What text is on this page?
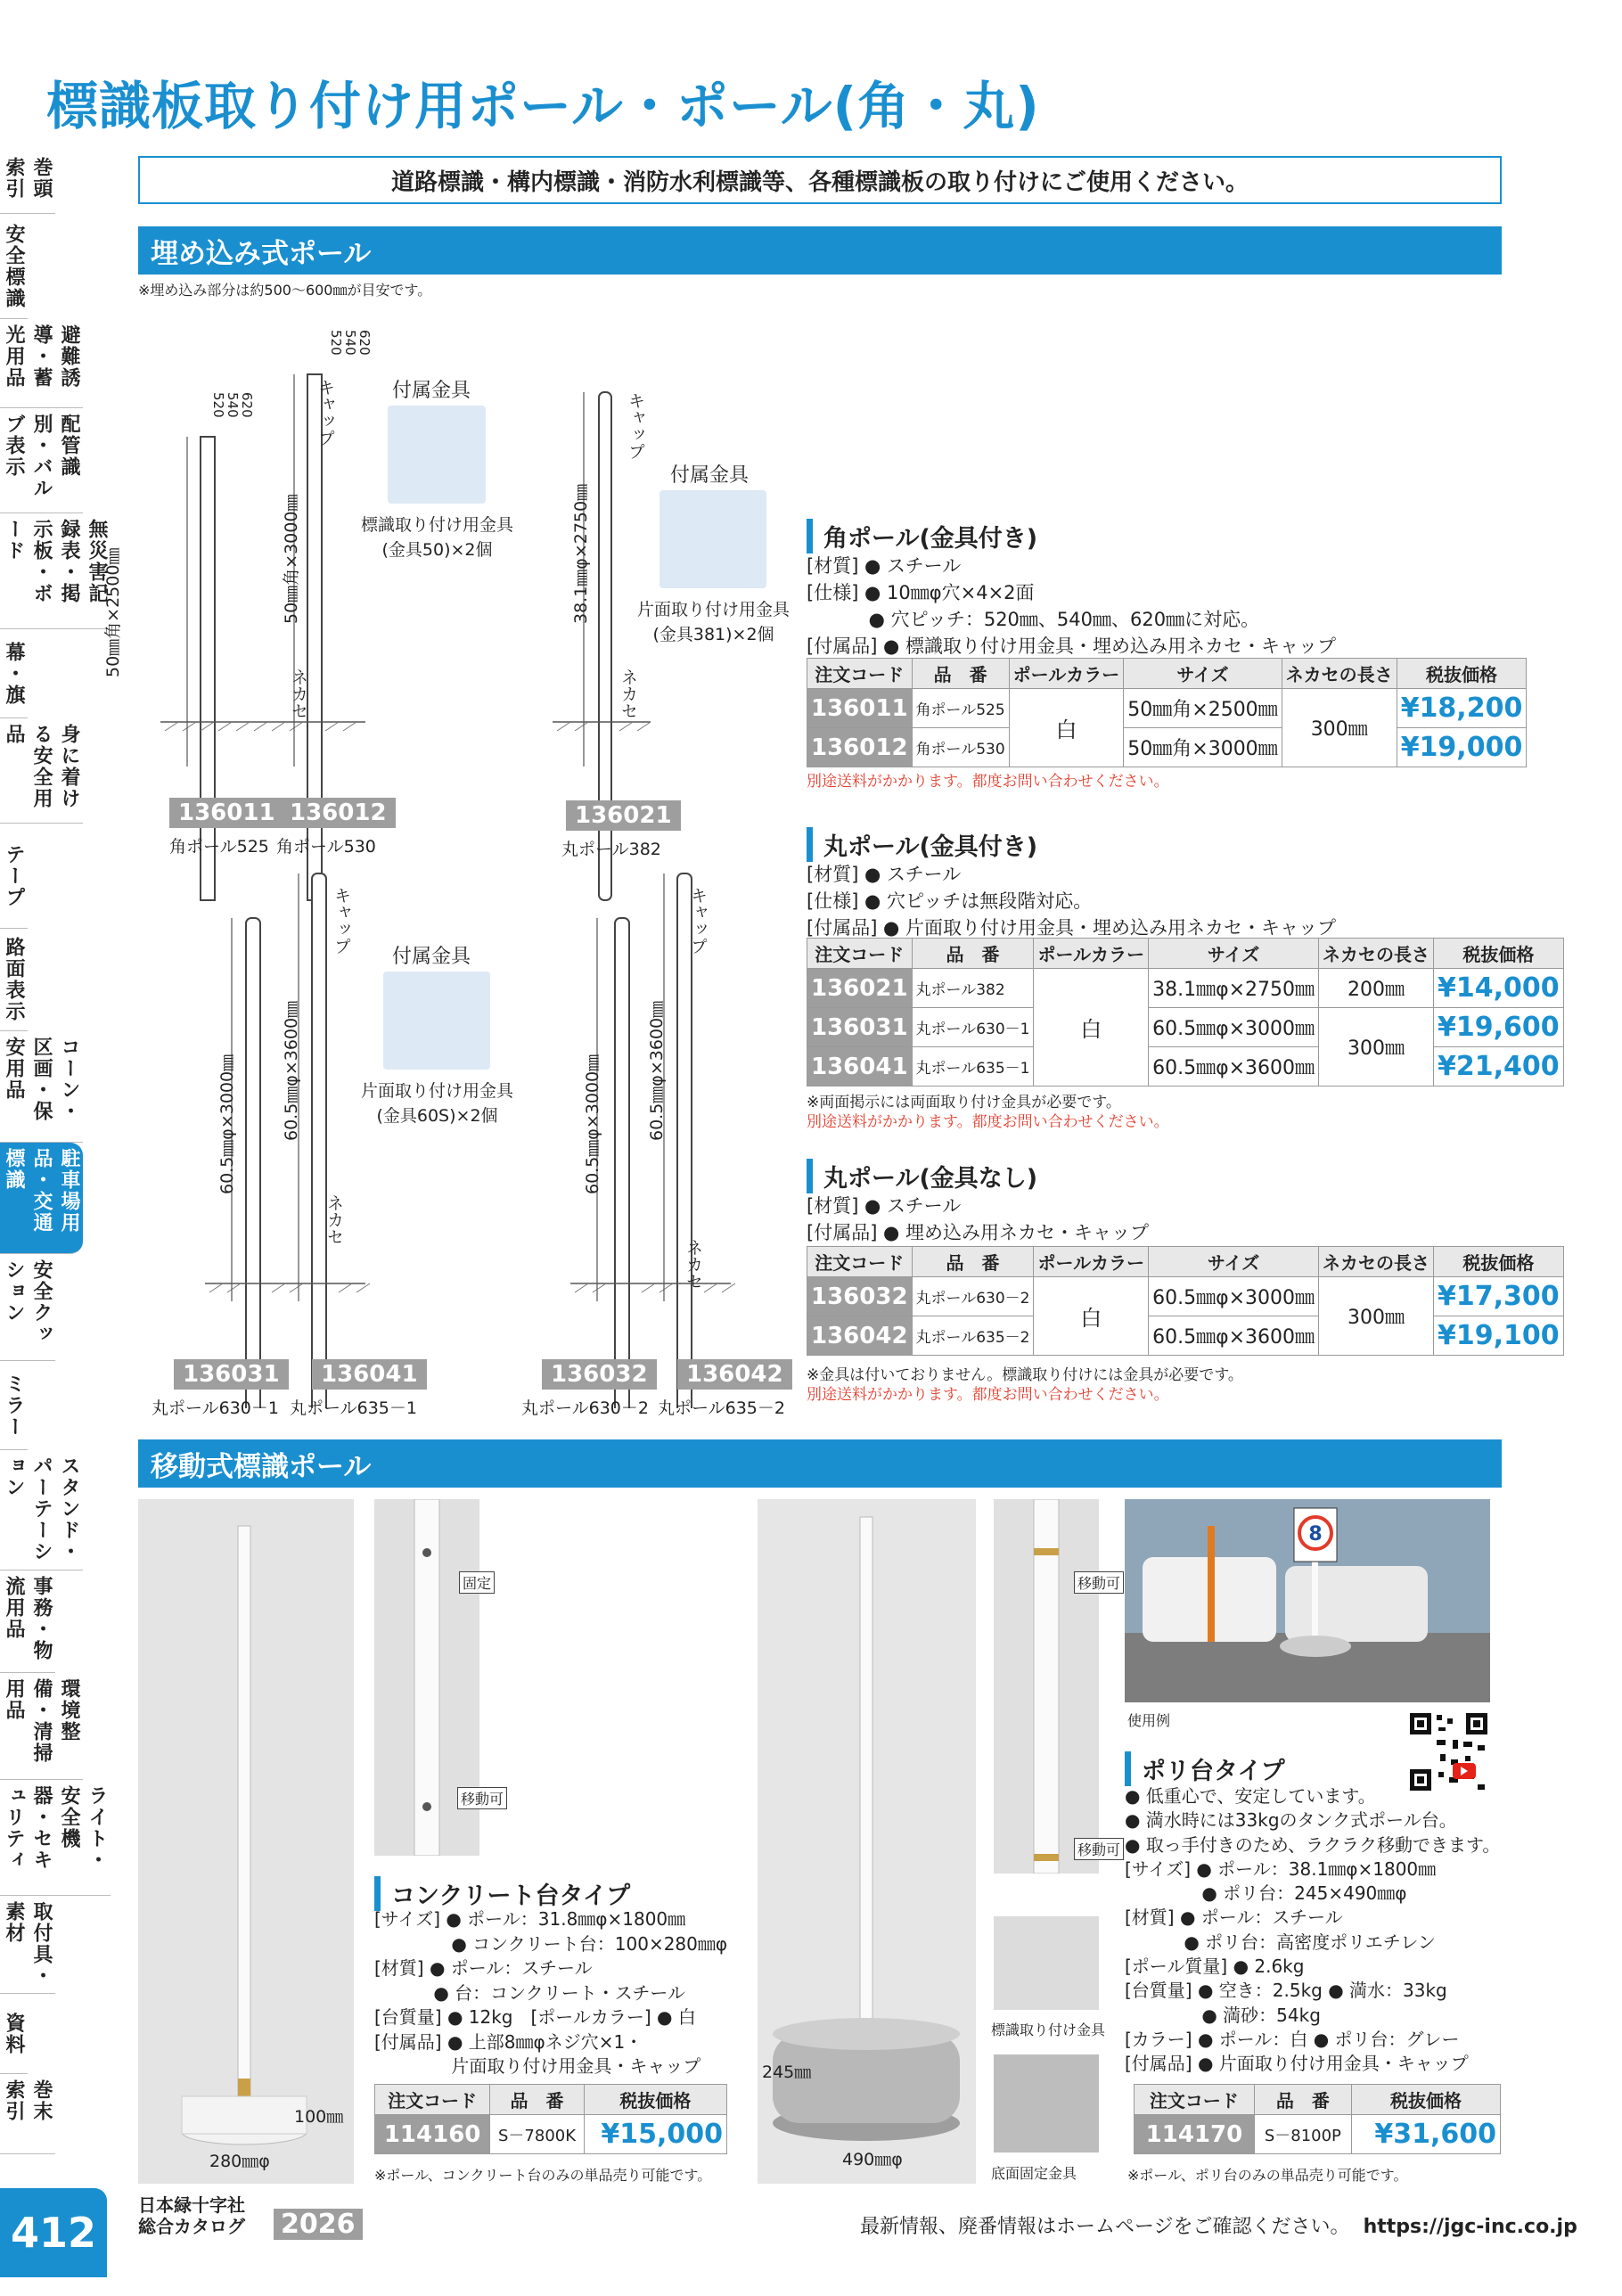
標識板取り付け用ポール・ポール(角・丸)
道路標識・構内標識・消防水利標識等、各種標識板の取り付けにご使用ください。
巻頭 索引
安全標識
避難誘導・蓄光用品
配管識別・バルブ表示
無災害記録表・掲示板・ボード
幕・旗
身に着ける安全用品
テープ
路面表示
コーン・区画・保安用品
駐車場用品・交通標識
安全クッション
ミラー
スタンド・パーテーション
事務・物流用品
環境整備・清掃用品
ライト・安全機器・セキュリティ
取付具・素材
資料
巻末 索引
埋め込み式ポール
※埋め込み部分は約500～600㎜が目安です。
50㎜角×2500㎜	50㎜角×3000㎜	38.1㎜φ×2750㎜
60.5㎜φ×3000㎜	60.5㎜φ×3600㎜	60.5㎜φ×3000㎜	60.5㎜φ×3600㎜
キャップ
ネカセ
キャップ
ネカセ
キャップ
ネカセ
キャップ
ネカセ
520
540
620
520
540
620
付属金具
標識取り付け用金具
(金具50)×2個
付属金具
片面取り付け用金具
(金具381)×2個
付属金具
片面取り付け用金具
(金具60S)×2個
136011 136012
角ポール525 角ポール530
136021
丸ポール382
136031	136041
丸ポール630－1 丸ポール635－1
136032	136042
丸ポール630－2 丸ポール635－2
角ポール(金具付き)
[材質] ● スチール
[仕様] ● 10㎜φ穴×4×2面
　　　 ● 穴ピッチ：520㎜、540㎜、620㎜に対応。
[付属品] ● 標識取り付け用金具・埋め込み用ネカセ・キャップ
注文コード	品　番	ポールカラー	サイズ	ネカセの長さ	税抜価格
136011	角ポール525	白	50㎜角×2500㎜	300㎜	¥18,200
136012	角ポール530		50㎜角×3000㎜		¥19,000
別途送料がかかります。都度お問い合わせください。
丸ポール(金具付き)
[材質] ● スチール
[仕様] ● 穴ピッチは無段階対応。
[付属品] ● 片面取り付け用金具・埋め込み用ネカセ・キャップ
注文コード	品　番	ポールカラー	サイズ	ネカセの長さ	税抜価格
136021	丸ポール382	白	38.1㎜φ×2750㎜	200㎜	¥14,000
136031	丸ポール630－1		60.5㎜φ×3000㎜	300㎜	¥19,600
136041	丸ポール635－1		60.5㎜φ×3600㎜		¥21,400
※両面掲示には両面取り付け金具が必要です。
別途送料がかかります。都度お問い合わせください。
丸ポール(金具なし)
[材質] ● スチール
[付属品] ● 埋め込み用ネカセ・キャップ
注文コード	品　番	ポールカラー	サイズ	ネカセの長さ	税抜価格
136032	丸ポール630－2	白	60.5㎜φ×3000㎜	300㎜	¥17,300
136042	丸ポール635－2		60.5㎜φ×3600㎜		¥19,100
※金具は付いておりません。標識取り付けには金具が必要です。
別途送料がかかります。都度お問い合わせください。
移動式標識ポール
100㎜
280㎜φ
固定
移動可
コンクリート台タイプ
[サイズ] ● ポール：31.8㎜φ×1800㎜
　　　　 ● コンクリート台：100×280㎜φ
[材質] ● ポール：スチール
　　　 ● 台：コンクリート・スチール
[台質量] ● 12kg　[ポールカラー] ● 白
[付属品] ● 上部8㎜φネジ穴×1・
　　　　 片面取り付け用金具・キャップ
注文コード	品　番	税抜価格
114160	S－7800K	¥15,000
※ポール、コンクリート台のみの単品売り可能です。
245㎜
490㎜φ
移動可
移動可
標識取り付け金具
底面固定金具
8
使用例
ポリ台タイプ
● 低重心で、安定しています。
● 満水時には33kgのタンク式ポール台。
● 取っ手付きのため、ラクラク移動できます。
[サイズ] ● ポール：38.1㎜φ×1800㎜
　　　　 ● ポリ台：245×490㎜φ
[材質] ● ポール：スチール
　　　 ● ポリ台：高密度ポリエチレン
[ポール質量] ● 2.6kg
[台質量] ● 空き：2.5kg ● 満水：33kg
　　　　 ● 満砂：54kg
[カラー] ● ポール：白 ● ポリ台：グレー
[付属品] ● 片面取り付け用金具・キャップ
注文コード	品　番	税抜価格
114170	S－8100P	¥31,600
※ポール、ポリ台のみの単品売り可能です。
412
日本緑十字社
総合カタログ 2026	最新情報、廃番情報はホームページをご確認ください。 https://jgc-inc.co.jp
